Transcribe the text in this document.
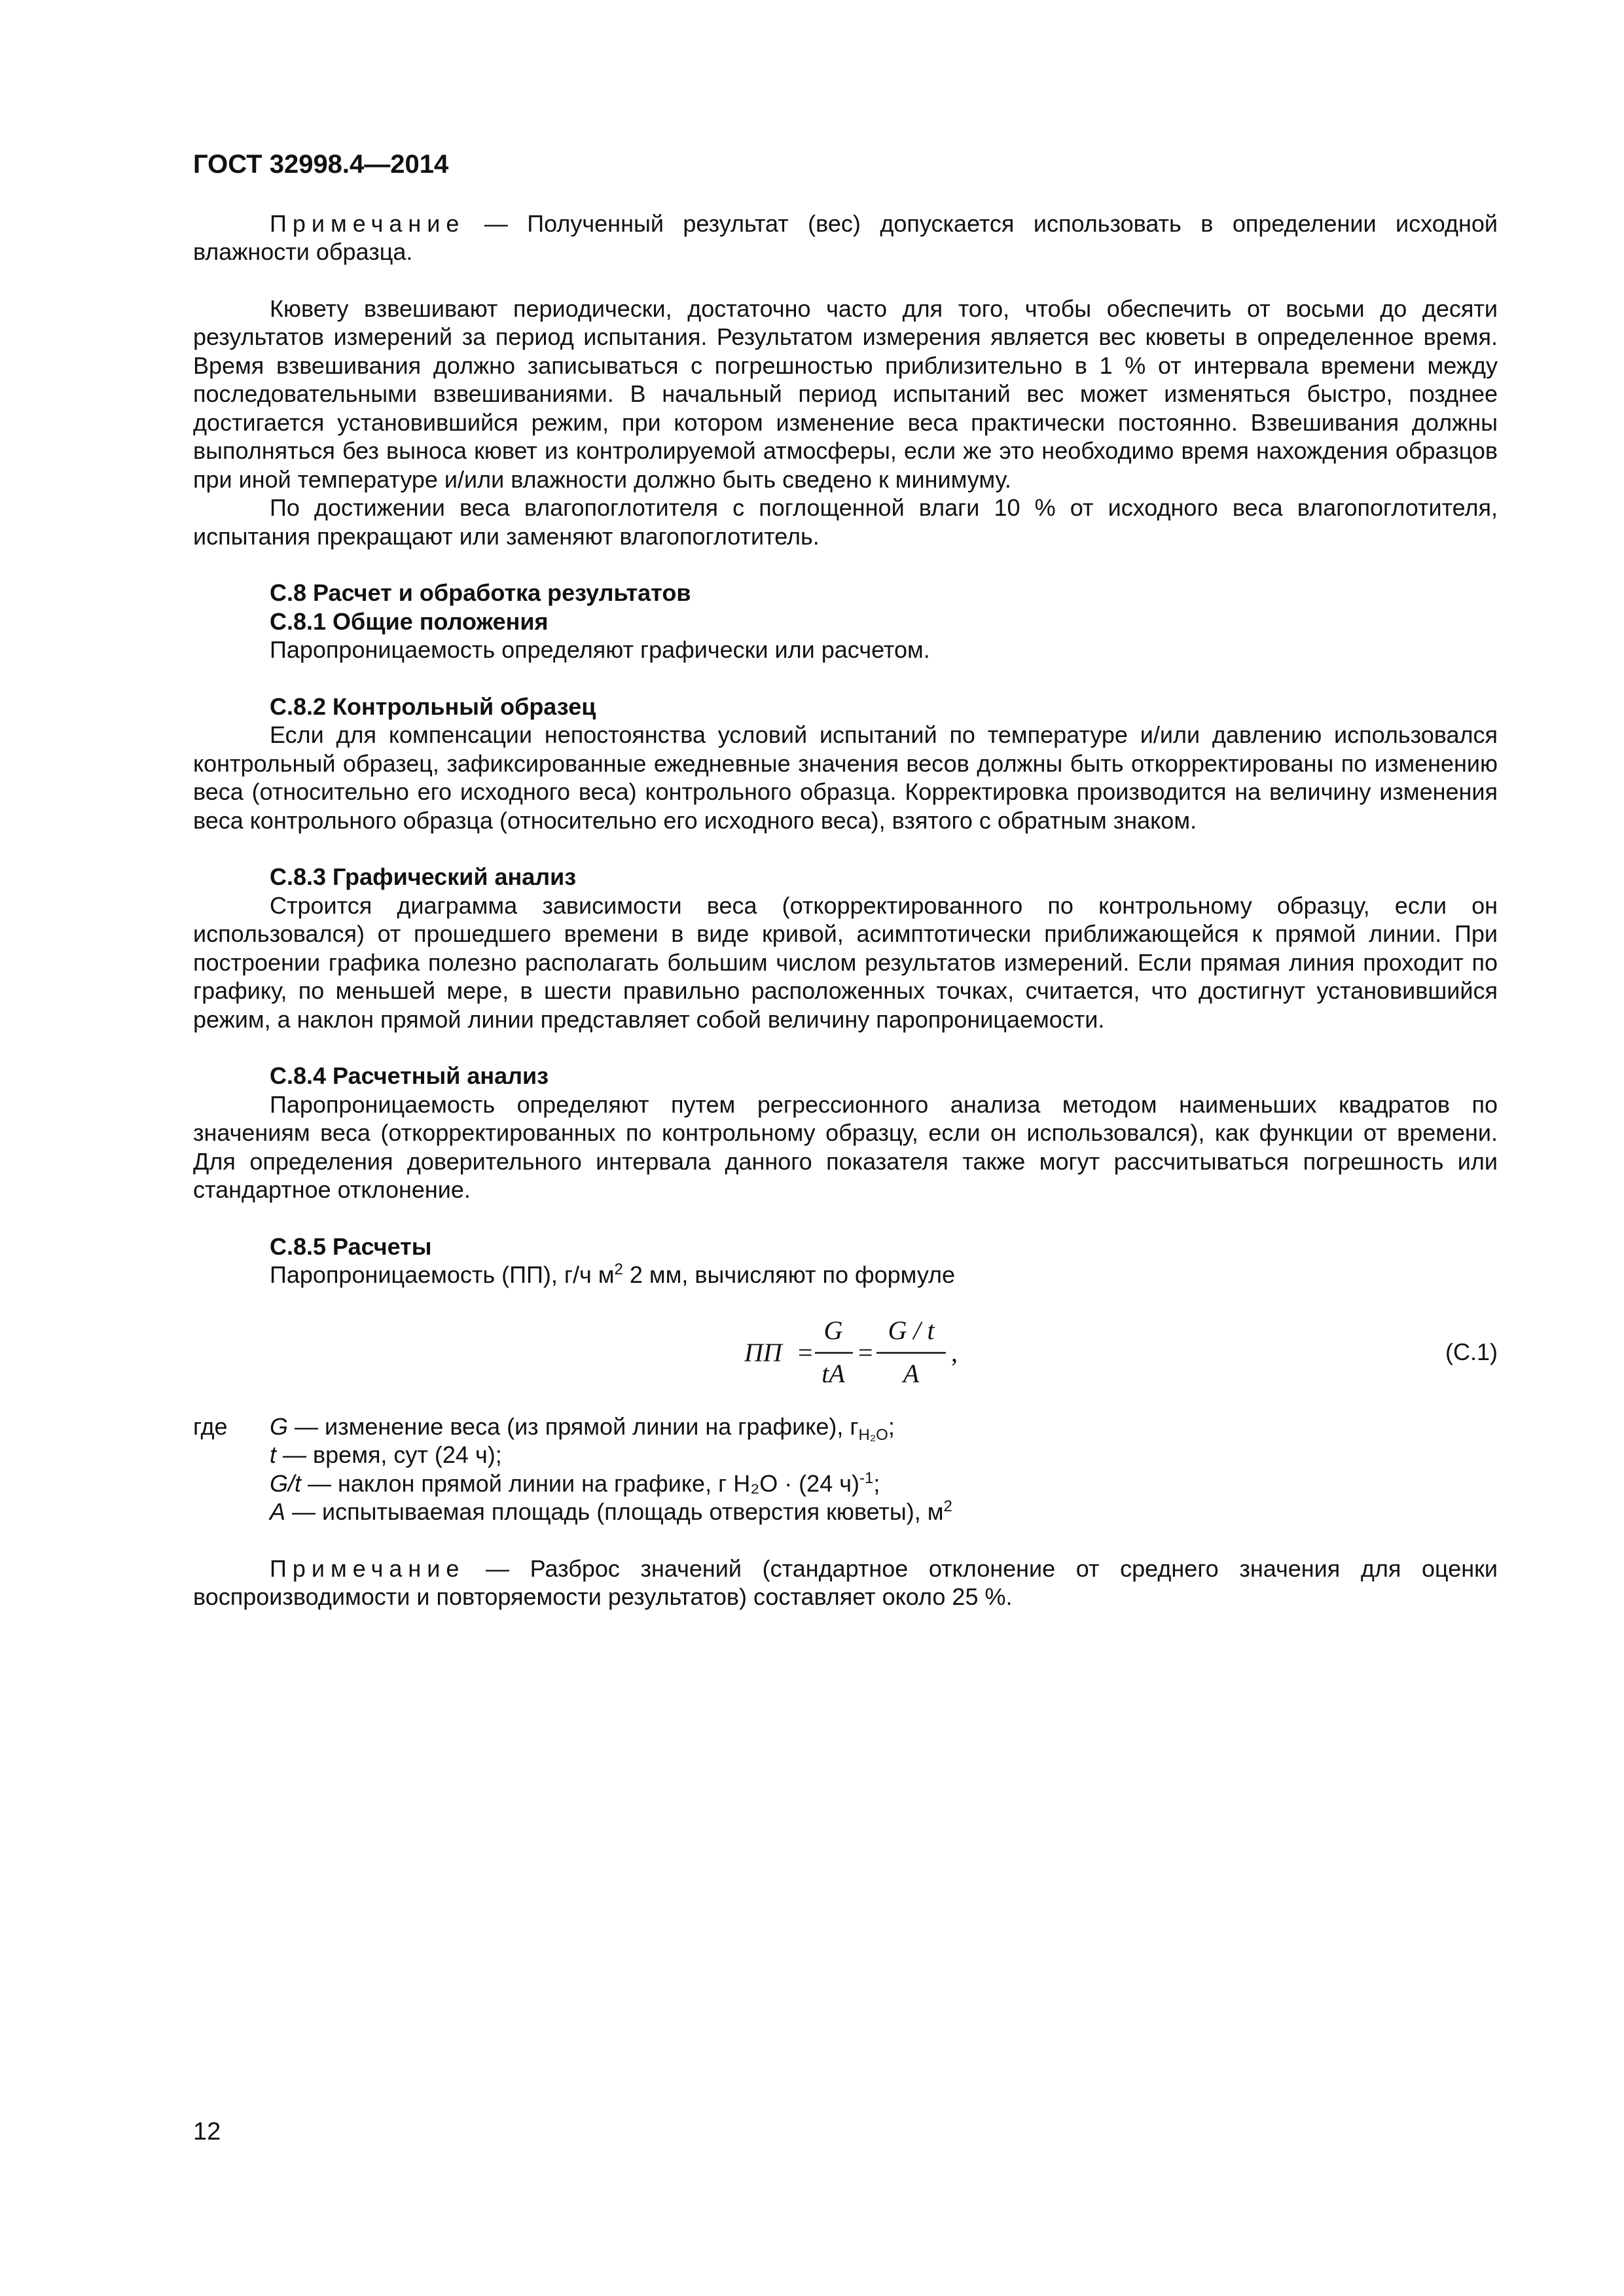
ГОСТ 32998.4—2014

Примечание — Полученный результат (вес) допускается использовать в определении исходной влажности образца.

Кювету взвешивают периодически, достаточно часто для того, чтобы обеспечить от восьми до десяти результатов измерений за период испытания. Результатом измерения является вес кюветы в определенное время. Время взвешивания должно записываться с погрешностью приблизительно в 1 % от интервала времени между последовательными взвешиваниями. В начальный период испытаний вес может изменяться быстро, позднее достигается установившийся режим, при котором изменение веса практически постоянно. Взвешивания должны выполняться без выноса кювет из контролируемой атмосферы, если же это необходимо время нахождения образцов при иной температуре и/или влажности должно быть сведено к минимуму.

По достижении веса влагопоглотителя с поглощенной влаги 10 % от исходного веса влагопоглотителя, испытания прекращают или заменяют влагопоглотитель.

С.8 Расчет и обработка результатов
С.8.1 Общие положения

Паропроницаемость определяют графически или расчетом.

С.8.2 Контрольный образец

Если для компенсации непостоянства условий испытаний по температуре и/или давлению использовался контрольный образец, зафиксированные ежедневные значения весов должны быть откорректированы по изменению веса (относительно его исходного веса) контрольного образца. Корректировка производится на величину изменения веса контрольного образца (относительно его исходного веса), взятого с обратным знаком.

С.8.3 Графический анализ

Строится диаграмма зависимости веса (откорректированного по контрольному образцу, если он использовался) от прошедшего времени в виде кривой, асимптотически приближающейся к прямой линии. При построении графика полезно располагать большим числом результатов измерений. Если прямая линия проходит по графику, по меньшей мере, в шести правильно расположенных точках, считается, что достигнут установившийся режим, а наклон прямой линии представляет собой величину паропроницаемости.

С.8.4 Расчетный анализ

Паропроницаемость определяют путем регрессионного анализа методом наименьших квадратов по значениям веса (откорректированных по контрольному образцу, если он использовался), как функции от времени. Для определения доверительного интервала данного показателя также могут рассчитываться погрешность или стандартное отклонение.

С.8.5 Расчеты

Паропроницаемость (ПП), г/ч $м^2$ 2 мм, вычисляют по формуле

ПП =
G
tA
=
G / t
A
,	(С.1)
где	G — изменение веса (из прямой линии на графике), $г_{H_2O}$;
t — время, сут (24 ч);
G/t — наклон прямой линии на графике, г H₂O · (24 ч)$^{-1}$;
A — испытываемая площадь (площадь отверстия кюветы), $м^2$

Примечание — Разброс значений (стандартное отклонение от среднего значения для оценки воспроизводимости и повторяемости результатов) составляет около 25 %.

12
